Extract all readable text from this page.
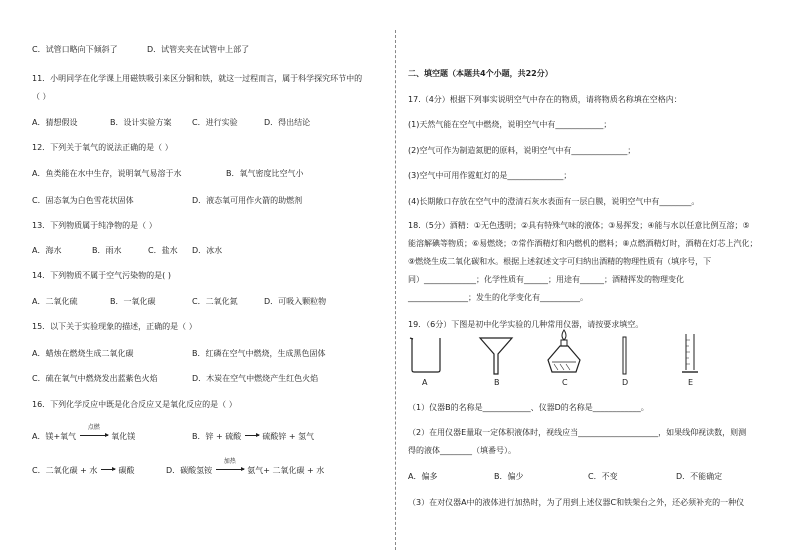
C．试管口略向下倾斜了	D．试管夹夹在试管中上部了
11．小明同学在化学课上用磁铁吸引来区分铜和铁，就这一过程而言，属于科学探究环节中的
（ ）
A．猜想假设	B．设计实验方案	C．进行实验	D．得出结论
12．下列关于氧气的说法正确的是（ ）
A．鱼类能在水中生存，说明氧气易溶于水	B．氧气密度比空气小
C．固态氧为白色雪花状固体	D．液态氧可用作火箭的助燃剂
13．下列物质属于纯净物的是（ ）
A．海水	B．雨水	C．盐水 D．冰水
14．下列物质不属于空气污染物的是( )
A．二氧化硫	B．一氧化碳	C．二氧化氮	D．可吸入颗粒物
15．以下关于实验现象的描述，正确的是（ ）
A．蜡烛在燃烧生成二氧化碳	B．红磷在空气中燃烧，生成黑色固体
C．硫在氧气中燃烧发出蓝紫色火焰	D．木炭在空气中燃烧产生红色火焰
16．下列化学反应中既是化合反应又是氧化反应的是（ ）
A．镁+氧气
点燃
氧化镁	B．锌 + 硫酸	硫酸锌 + 氢气
C．二氧化碳 + 水	碳酸	D．碳酸氢铵
加热
氨气+ 二氧化碳 + 水
二、填空题（本题共4个小题，共22分）
17.（4分）根据下列事实说明空气中存在的物质，请将物质名称填在空格内：
(1)天然气能在空气中燃烧，说明空气中有____________；
(2)空气可作为制造氮肥的原料，说明空气中有______________；
(3)空气中可用作霓虹灯的是______________；
(4)长期敞口存放在空气中的澄清石灰水表面有一层白膜，说明空气中有________。
18.（5分）酒精：①无色透明；②具有特殊气味的液体；③易挥发；④能与水以任意比例互溶；⑤
能溶解碘等物质；⑥易燃烧；⑦常作酒精灯和内燃机的燃料；⑧点燃酒精灯时，酒精在灯芯上汽化；
⑨燃烧生成二氧化碳和水。根据上述叙述文字可归纳出酒精的物理性质有（填序号，下
同）_____________；化学性质有______；用途有______；酒精挥发的物理变化
_______________；发生的化学变化有__________。
19．（6分）下图是初中化学实验的几种常用仪器，请按要求填空。
A	B	C	D	E
（1）仪器B的名称是____________、仪器D的名称是____________。
（2）在用仪器E量取一定体积液体时，视线应当____________________，如果线仰视读数，则测
得的液体________（填番号）。
A．偏多	B．偏少	C．不变	D．不能确定
（3）在对仪器A中的液体进行加热时，为了用到上述仪器C和铁架台之外，还必须补充的一种仪
